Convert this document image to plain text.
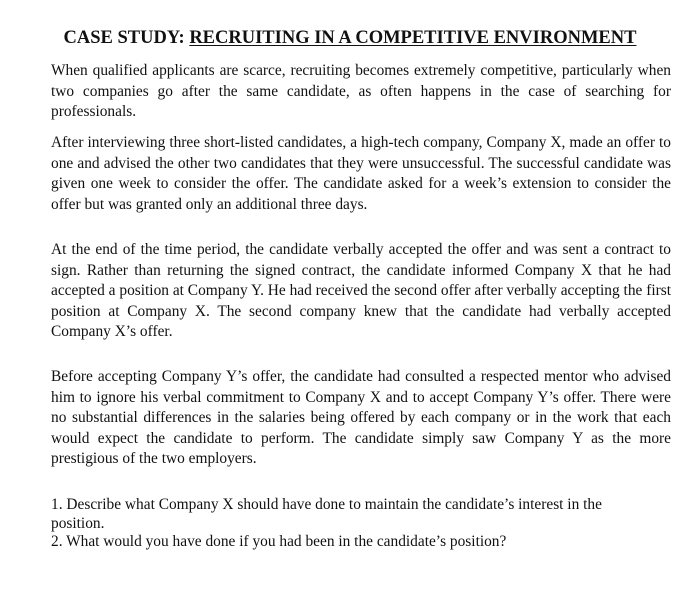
CASE STUDY: RECRUITING IN A COMPETITIVE ENVIRONMENT

When qualified applicants are scarce, recruiting becomes extremely competitive, particularly when two companies go after the same candidate, as often happens in the case of searching for professionals.

After interviewing three short-listed candidates, a high-tech company, Company X, made an offer to one and advised the other two candidates that they were unsuccessful. The successful candidate was given one week to consider the offer. The candidate asked for a week’s extension to consider the offer but was granted only an additional three days.

At the end of the time period, the candidate verbally accepted the offer and was sent a contract to sign. Rather than returning the signed contract, the candidate informed Company X that he had accepted a position at Company Y. He had received the second offer after verbally accepting the first position at Company X. The second company knew that the candidate had verbally accepted Company X’s offer.

Before accepting Company Y’s offer, the candidate had consulted a respected mentor who advised him to ignore his verbal commitment to Company X and to accept Company Y’s offer. There were no substantial differences in the salaries being offered by each company or in the work that each would expect the candidate to perform. The candidate simply saw Company Y as the more prestigious of the two employers.

1. Describe what Company X should have done to maintain the candidate’s interest in the position.
2. What would you have done if you had been in the candidate’s position?
